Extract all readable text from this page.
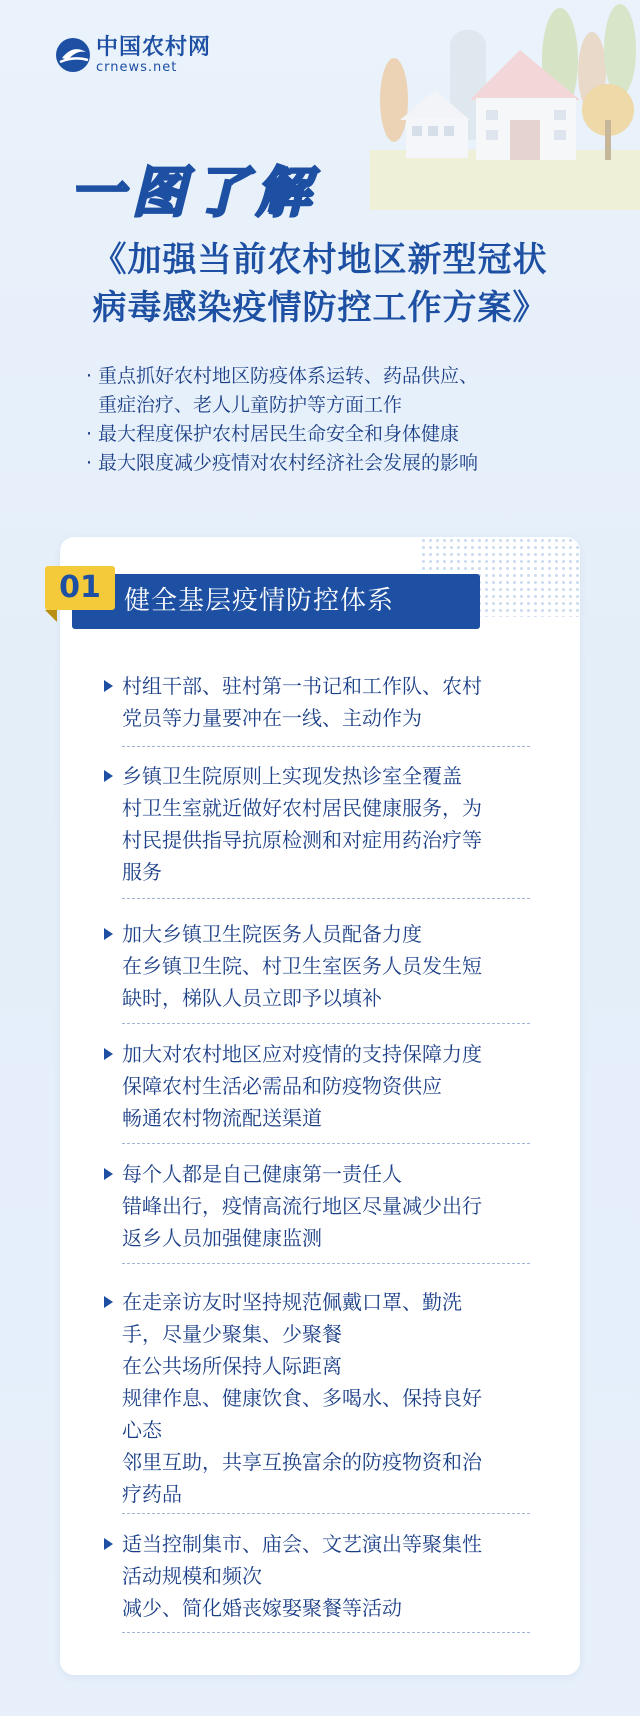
中国农村网
crnews.net
一图了解
《加强当前农村地区新型冠状
病毒感染疫情防控工作方案》
· 重点抓好农村地区防疫体系运转、药品供应、
重症治疗、老人儿童防护等方面工作
· 最大程度保护农村居民生命安全和身体健康
· 最大限度减少疫情对农村经济社会发展的影响
健全基层疫情防控体系
01
村组干部、驻村第一书记和工作队、农村
党员等力量要冲在一线、主动作为
乡镇卫生院原则上实现发热诊室全覆盖
村卫生室就近做好农村居民健康服务，为
村民提供指导抗原检测和对症用药治疗等
服务
加大乡镇卫生院医务人员配备力度
在乡镇卫生院、村卫生室医务人员发生短
缺时，梯队人员立即予以填补
加大对农村地区应对疫情的支持保障力度
保障农村生活必需品和防疫物资供应
畅通农村物流配送渠道
每个人都是自己健康第一责任人
错峰出行，疫情高流行地区尽量减少出行
返乡人员加强健康监测
在走亲访友时坚持规范佩戴口罩、勤洗
手，尽量少聚集、少聚餐
在公共场所保持人际距离
规律作息、健康饮食、多喝水、保持良好
心态
邻里互助，共享互换富余的防疫物资和治
疗药品
适当控制集市、庙会、文艺演出等聚集性
活动规模和频次
减少、简化婚丧嫁娶聚餐等活动
